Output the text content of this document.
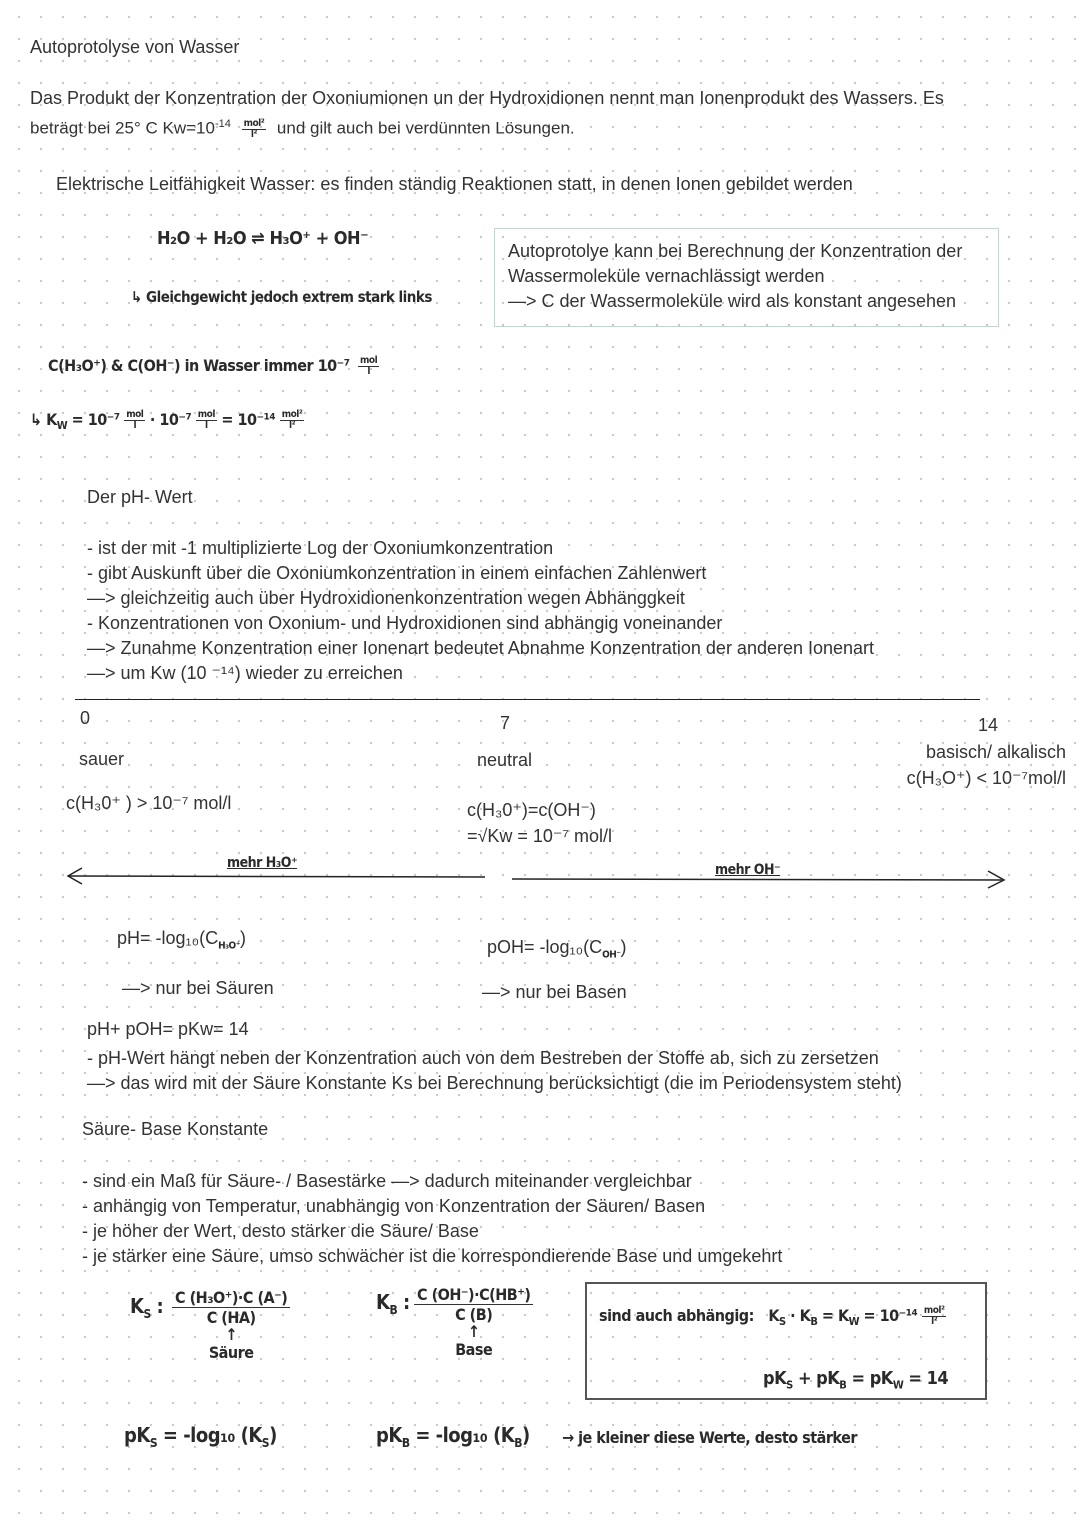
Autoprotolyse von Wasser
Das Produkt der Konzentration der Oxoniumionen un der Hydroxidionen nennt man Ionenprodukt des Wassers. Es
beträgt bei 25° C $Kw=10^{-14} \frac{\text{mol²}}{\text{l²}}$ und gilt auch bei verdünnten Lösungen.
Elektrische Leitfähigkeit Wasser: es finden ständig Reaktionen statt, in denen Ionen gebildet werden
H₂O + H₂O ⇌ H₃O⁺ + OH⁻
↳ Gleichgewicht jedoch extrem stark links
Autoprotolye kann bei Berechnung der Konzentration der
Wassermoleküle vernachlässigt werden
—> C der Wassermoleküle wird als konstant angesehen
C(H₃O⁺) & C(OH⁻) in Wasser immer $10^{-7} \frac{\text{mol}}{l}$
↳ $K_W = 10^{-7} \frac{\text{mol}}{l} \cdot 10^{-7} \frac{\text{mol}}{l} = 10^{-14} \frac{\text{mol²}}{\text{l²}}$
Der pH- Wert
- ist der mit -1 multiplizierte Log der Oxoniumkonzentration
- gibt Auskunft über die Oxoniumkonzentration in einem einfachen Zahlenwert
—> gleichzeitig auch über Hydroxidionenkonzentration wegen Abhänggkeit
- Konzentrationen von Oxonium- und Hydroxidionen sind abhängig voneinander
—> Zunahme Konzentration einer Ionenart bedeutet Abnahme Konzentration der anderen Ionenart
—> um Kw (10 ⁻¹⁴) wieder zu erreichen
0	7	14
sauer	neutral	basisch/ alkalisch
c(H₃0⁺ ) > 10⁻⁷ mol/l	c(H₃0⁺)=c(OH⁻)
=√Kw = 10⁻⁷ mol/l
c(H₃O⁺) < 10⁻⁷mol/l
mehr H₃O⁺	mehr OH⁻
$pH= -\log_{10}(C_{H_3O^+})$
—> nur bei Säuren
$pOH= -\log_{10}(C_{OH^-})$
—> nur bei Basen
pH+ pOH= pKw= 14
- pH-Wert hängt neben der Konzentration auch von dem Bestreben der Stoffe ab, sich zu zersetzen
—> das wird mit der Säure Konstante Ks bei Berechnung berücksichtigt (die im Periodensystem steht)
Säure- Base Konstante
- sind ein Maß für Säure- / Basestärke —> dadurch miteinander vergleichbar
- anhängig von Temperatur, unabhängig von Konzentration der Säuren/ Basen
- je höher der Wert, desto stärker die Säure/ Base
- je stärker eine Säure, umso schwächer ist die korrespondierende Base und umgekehrt
$K_S$ : C (H₃O⁺)·C (A⁻)
C (HA)
↑
Säure
$K_B$ : C (OH⁻)·C(HB⁺)
C (B)
↑
Base
sind auch abhängig: $K_S \cdot K_B = K_W = 10^{-14} \frac{\text{mol²}}{\text{l²}}$
$pK_S + pK_B = pK_W = 14$
$pK_S = -\log_{10}$ $(K_S)$	$pK_B = -\log_{10}$ $(K_B)$ → je kleiner diese Werte, desto stärker
